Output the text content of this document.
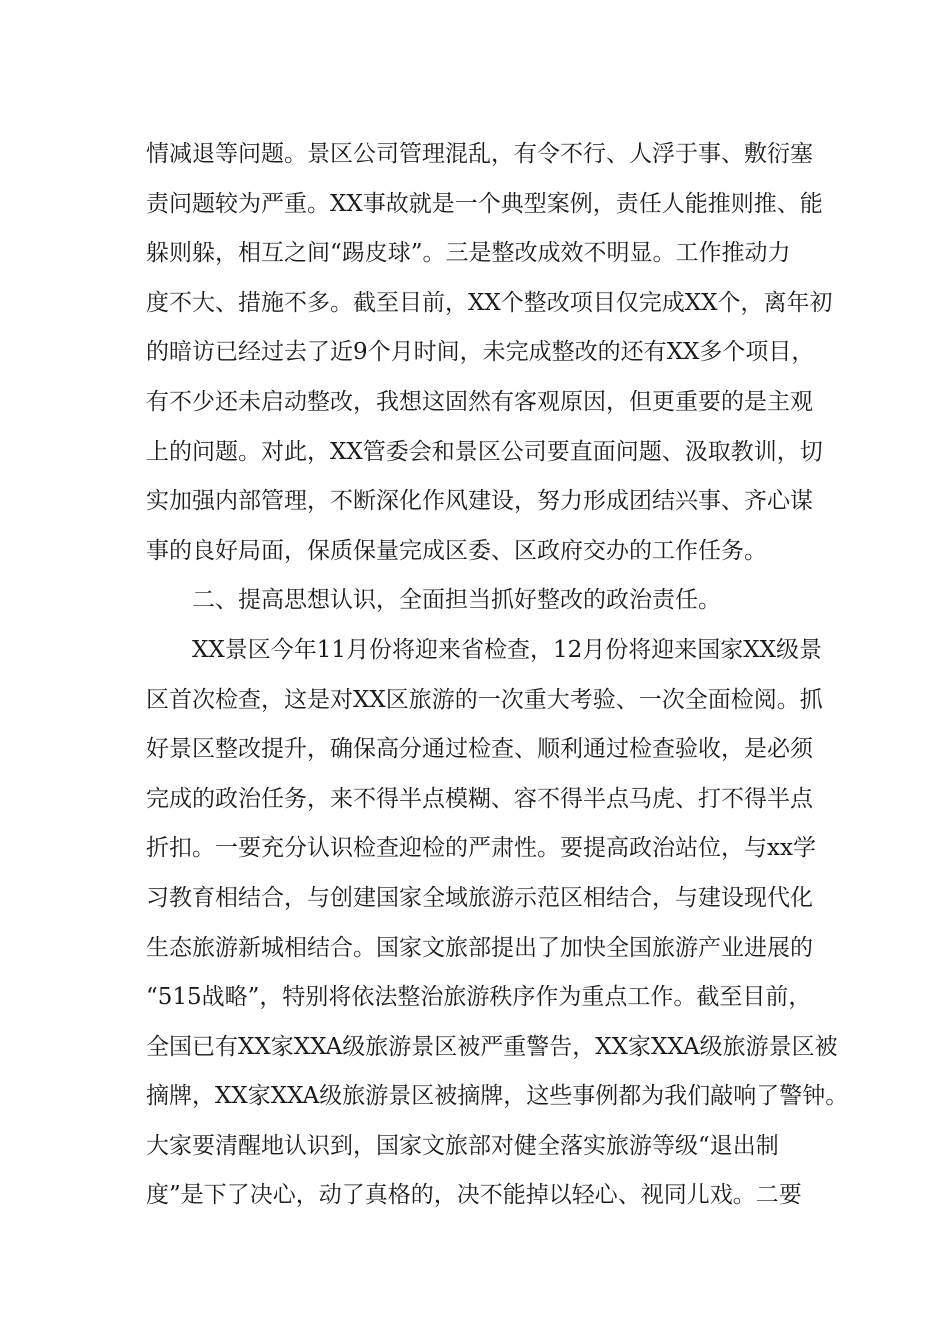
情减退等问题。景区公司管理混乱，有令不行、人浮于事、敷衍塞
责问题较为严重。XX事故就是一个典型案例，责任人能推则推、能
躲则躲，相互之间“踢皮球”。三是整改成效不明显。工作推动力
度不大、措施不多。截至目前，XX个整改项目仅完成XX个，离年初
的暗访已经过去了近9个月时间，未完成整改的还有XX多个项目，
有不少还未启动整改，我想这固然有客观原因，但更重要的是主观
上的问题。对此，XX管委会和景区公司要直面问题、汲取教训，切
实加强内部管理，不断深化作风建设，努力形成团结兴事、齐心谋
事的良好局面，保质保量完成区委、区政府交办的工作任务。
二、提高思想认识，全面担当抓好整改的政治责任。
XX景区今年11月份将迎来省检查，12月份将迎来国家XX级景
区首次检查，这是对XX区旅游的一次重大考验、一次全面检阅。抓
好景区整改提升，确保高分通过检查、顺利通过检查验收，是必须
完成的政治任务，来不得半点模糊、容不得半点马虎、打不得半点
折扣。一要充分认识检查迎检的严肃性。要提高政治站位，与xx学
习教育相结合，与创建国家全域旅游示范区相结合，与建设现代化
生态旅游新城相结合。国家文旅部提出了加快全国旅游产业进展的
“515战略”，特别将依法整治旅游秩序作为重点工作。截至目前，
全国已有XX家XXA级旅游景区被严重警告，XX家XXA级旅游景区被
摘牌，XX家XXA级旅游景区被摘牌，这些事例都为我们敲响了警钟。
大家要清醒地认识到，国家文旅部对健全落实旅游等级“退出制
度”是下了决心，动了真格的，决不能掉以轻心、视同儿戏。二要
